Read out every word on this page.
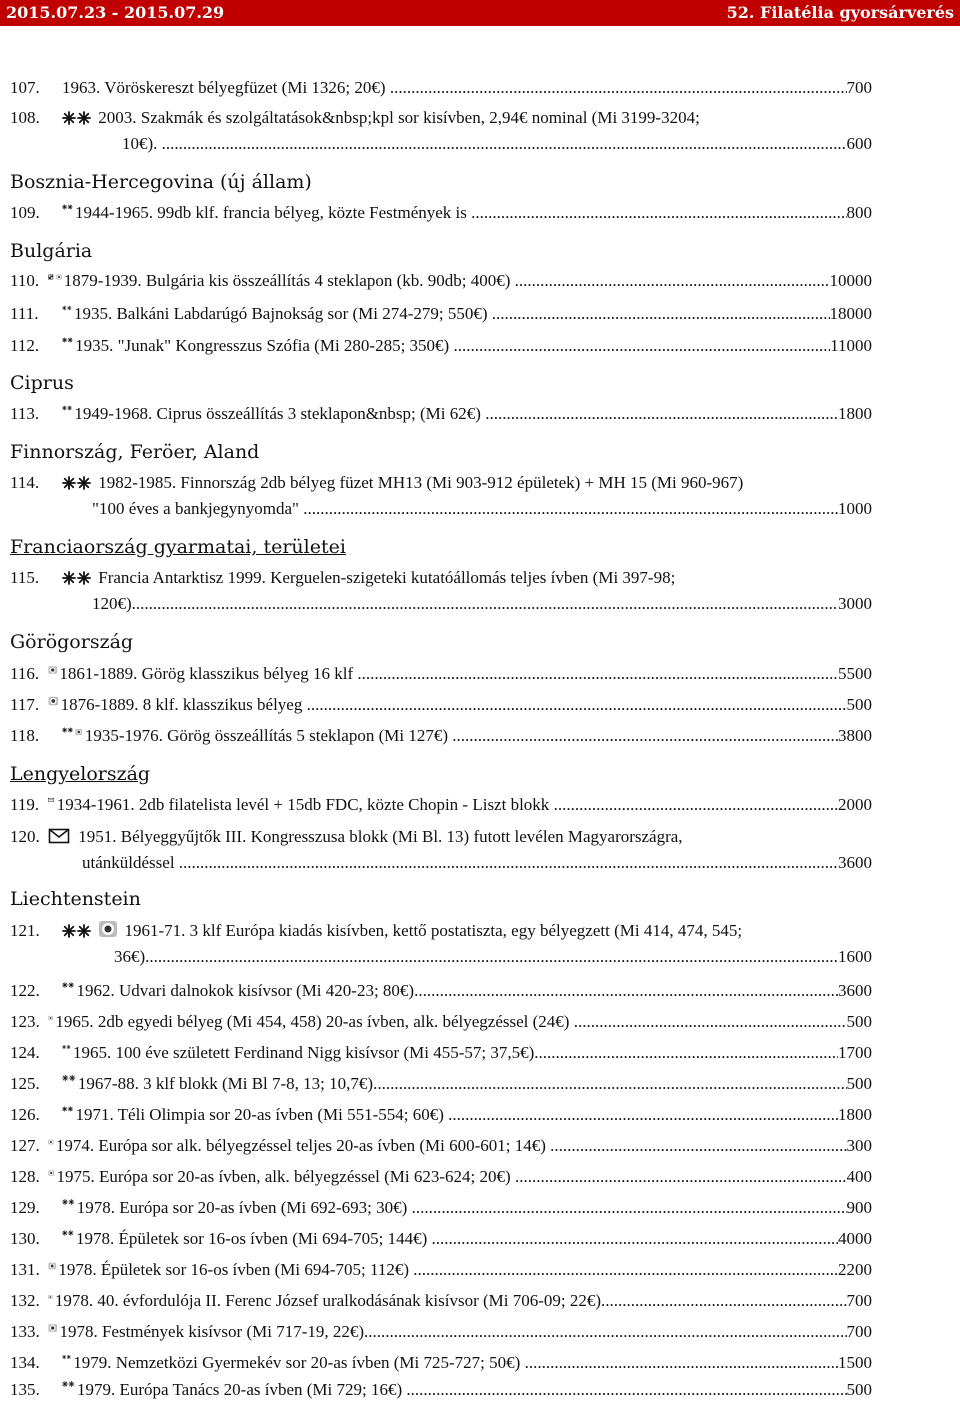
2015.07.23 - 2015.07.29	52. Filatélia gyorsárverés
107. 1963. Vöröskereszt bélyegfüzet (Mi 1326; 20€) .....	700
108.	2003. Szakmák és szolgáltatások&nbsp;kpl sor kisívben, 2,94€ nominal (Mi 3199-3204;
10€). .....	600
Bosznia-Hercegovina (új állam)
109. 1944-1965. 99db klf. francia bélyeg, közte Festmények is .....	800
Bulgária
110. 1879-1939. Bulgária kis összeállítás 4 steklapon (kb. 90db; 400€) .....	10000
111. 1935. Balkáni Labdarúgó Bajnokság sor (Mi 274-279; 550€) .....	18000
112. 1935. "Junak" Kongresszus Szófia (Mi 280-285; 350€) .....	11000
Ciprus
113. 1949-1968. Ciprus összeállítás 3 steklapon&nbsp; (Mi 62€) .....	1800
Finnország, Feröer, Aland
114.	1982-1985. Finnország 2db bélyeg füzet MH13 (Mi 903-912 épületek) + MH 15 (Mi 960-967)
"100 éves a bankjegynyomda" .....	1000
Franciaország gyarmatai, területei
115.	Francia Antarktisz 1999. Kerguelen-szigeteki kutatóállomás teljes ívben (Mi 397-98;
120€).... .....	3000
Görögország
116. 1861-1889. Görög klasszikus bélyeg 16 klf .....	5500
117. 1876-1889. 8 klf. klasszikus bélyeg .....	500
118.	1935-1976. Görög összeállítás 5 steklapon (Mi 127€) .....	3800
Lengyelország
119. 1934-1961. 2db filatelista levél + 15db FDC, közte Chopin - Liszt blokk .....	2000
120.	1951. Bélyeggyűjtők III. Kongresszusa blokk (Mi Bl. 13) futott levélen Magyarországra,
utánküldéssel .....	3600
Liechtenstein
121.	1961-71. 3 klf Európa kiadás kisívben, kettő postatiszta, egy bélyegzett (Mi 414, 474, 545;
36€) .....	1600
122. 1962. Udvari dalnokok kisívsor (Mi 420-23; 80€) .....	3600
123. 1965. 2db egyedi bélyeg (Mi 454, 458) 20-as ívben, alk. bélyegzéssel (24€) .....	500
124. 1965. 100 éve született Ferdinand Nigg kisívsor (Mi 455-57; 37,5€) .....	1700
125. 1967-88. 3 klf blokk (Mi Bl 7-8, 13; 10,7€) .....	500
126. 1971. Téli Olimpia sor 20-as ívben (Mi 551-554; 60€) .....	1800
127. 1974. Európa sor alk. bélyegzéssel teljes 20-as ívben (Mi 600-601; 14€) .....	300
128. 1975. Európa sor 20-as ívben, alk. bélyegzéssel (Mi 623-624; 20€) .....	400
129. 1978. Európa sor 20-as ívben (Mi 692-693; 30€) .....	900
130. 1978. Épületek sor 16-os ívben (Mi 694-705; 144€) .....	4000
131. 1978. Épületek sor 16-os ívben (Mi 694-705; 112€) .....	2200
132. 1978. 40. évfordulója II. Ferenc József uralkodásának kisívsor (Mi 706-09; 22€) .....	700
133. 1978. Festmények kisívsor (Mi 717-19, 22€) .....	700
134. 1979. Nemzetközi Gyermekév sor 20-as ívben (Mi 725-727; 50€) .....	1500
135. 1979. Európa Tanács 20-as ívben (Mi 729; 16€) .....	500
